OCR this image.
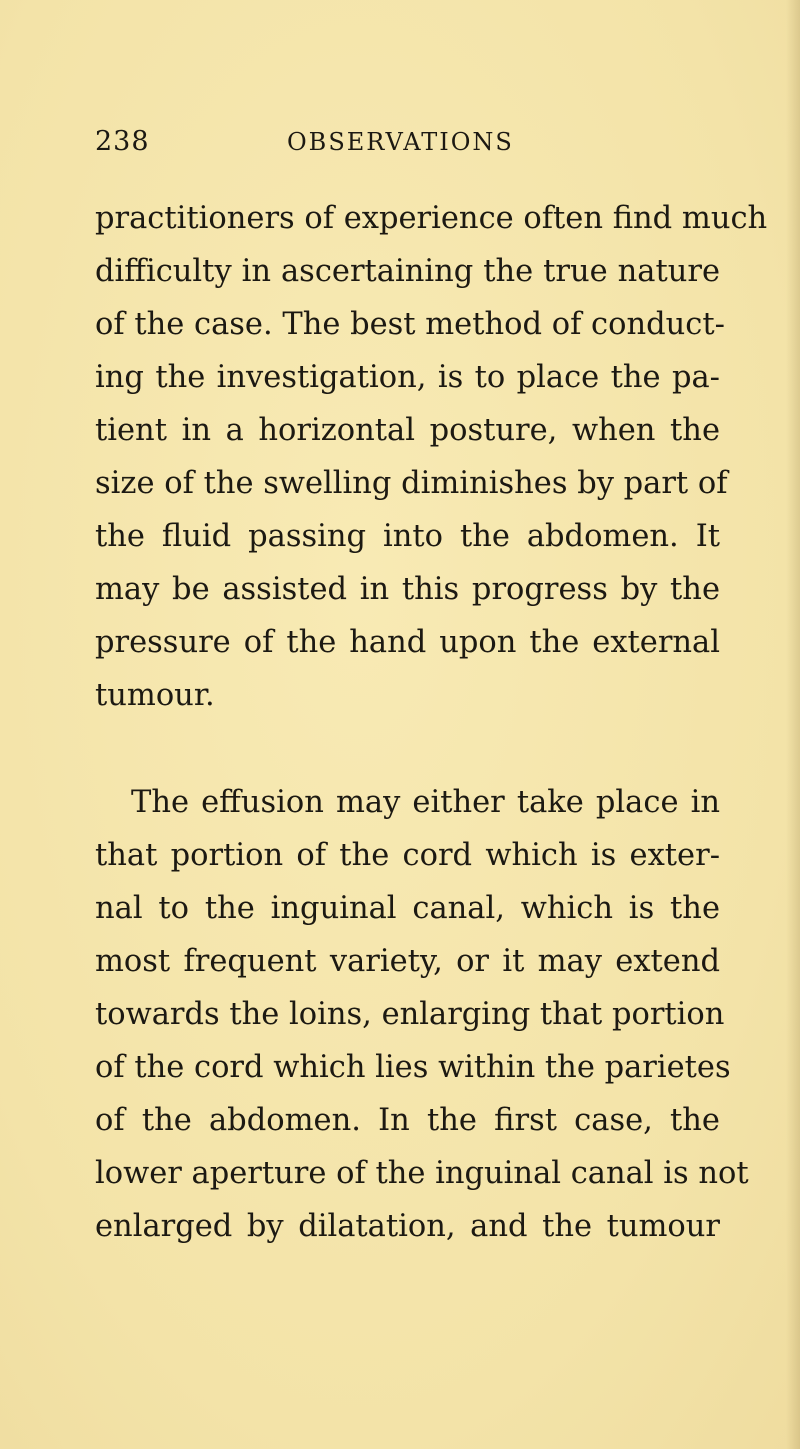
238	OBSERVATIONS
practitioners of experience often find much
difficulty in ascertaining the true nature
of the case. The best method of conduct-
ing the investigation, is to place the pa-
tient in a horizontal posture, when the
size of the swelling diminishes by part of
the fluid passing into the abdomen. It
may be assisted in this progress by the
pressure of the hand upon the external
tumour.
The effusion may either take place in
that portion of the cord which is exter-
nal to the inguinal canal, which is the
most frequent variety, or it may extend
towards the loins, enlarging that portion
of the cord which lies within the parietes
of the abdomen. In the first case, the
lower aperture of the inguinal canal is not
enlarged by dilatation, and the tumour
